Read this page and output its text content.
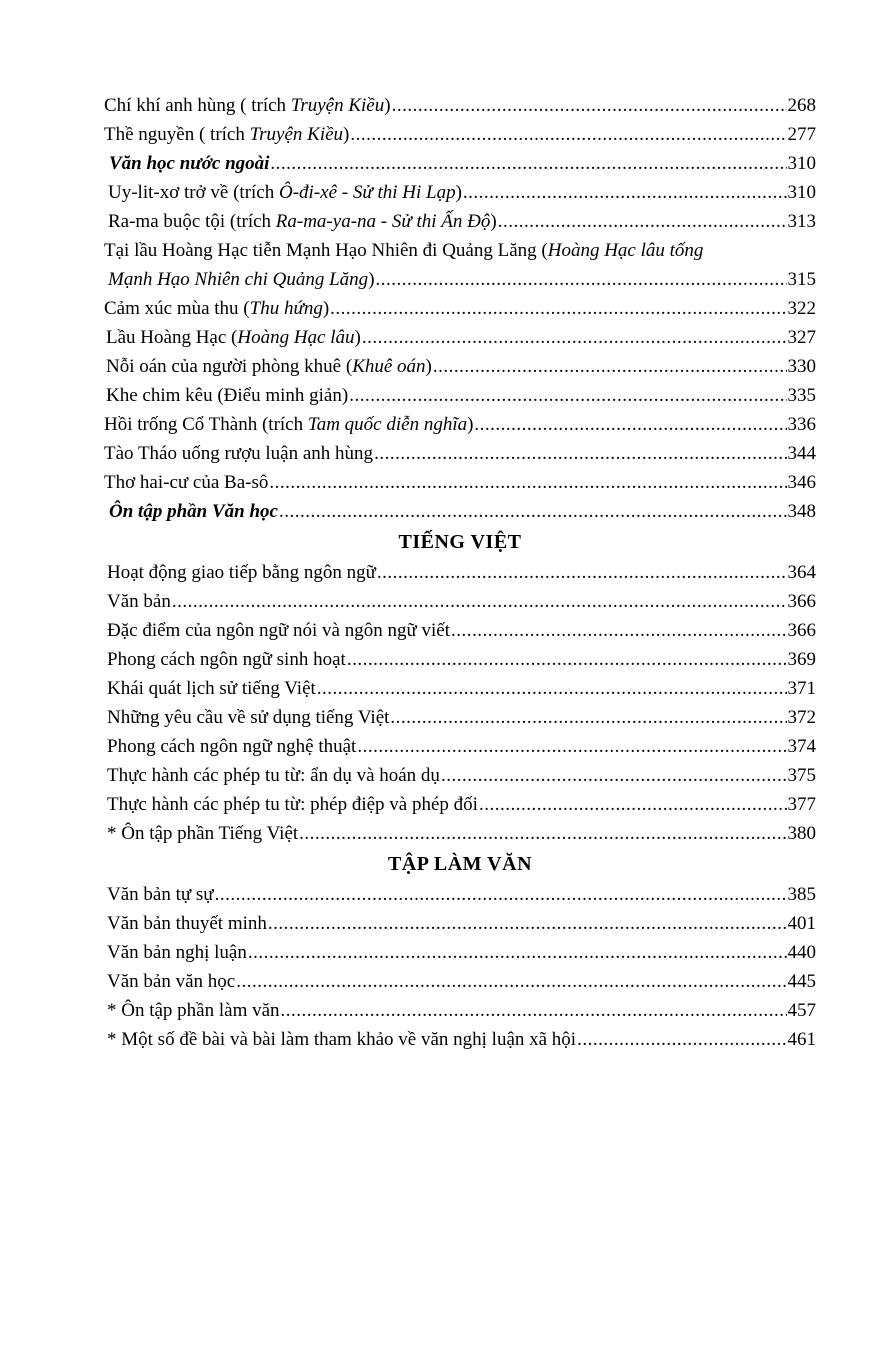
Chí khí anh hùng ( trích Truyện Kiều) .....	268
Thề nguyền ( trích Truyện Kiều) .....	277
Văn học nước ngoài .....	310
Uy-lit-xơ trở về (trích Ô-đi-xê - Sử thi Hi Lạp) .....	310
Ra-ma buộc tội (trích Ra-ma-ya-na - Sử thi Ấn Độ) .....	313
Tại lầu Hoàng Hạc tiễn Mạnh Hạo Nhiên đi Quảng Lăng (Hoàng Hạc lâu tống
Mạnh Hạo Nhiên chi Quảng Lăng) .....	315
Cảm xúc mùa thu (Thu hứng) .....	322
Lầu Hoàng Hạc (Hoàng Hạc lâu) .....	327
Nỗi oán của người phòng khuê (Khuê oán) .....	330
Khe chim kêu (Điểu minh giản) .....	335
Hồi trống Cổ Thành (trích Tam quốc diễn nghĩa) .....	336
Tào Tháo uống rượu luận anh hùng .....	344
Thơ hai-cư của Ba-sô .....	346
Ôn tập phần Văn học .....	348
TIẾNG VIỆT
Hoạt động giao tiếp bằng ngôn ngữ .....	364
Văn bản .....	366
Đặc điểm của ngôn ngữ nói và ngôn ngữ viết .....	366
Phong cách ngôn ngữ sinh hoạt .....	369
Khái quát lịch sử tiếng Việt .....	371
Những yêu cầu về sử dụng tiếng Việt .....	372
Phong cách ngôn ngữ nghệ thuật .....	374
Thực hành các phép tu từ: ẩn dụ và hoán dụ .....	375
Thực hành các phép tu từ: phép điệp và phép đối .....	377
* Ôn tập phần Tiếng Việt .....	380
TẬP LÀM VĂN
Văn bản tự sự .....	385
Văn bản thuyết minh .....	401
Văn bản nghị luận .....	440
Văn bản văn học .....	445
* Ôn tập phần làm văn .....	457
* Một số đề bài và bài làm tham khảo về văn nghị luận xã hội .....	461
